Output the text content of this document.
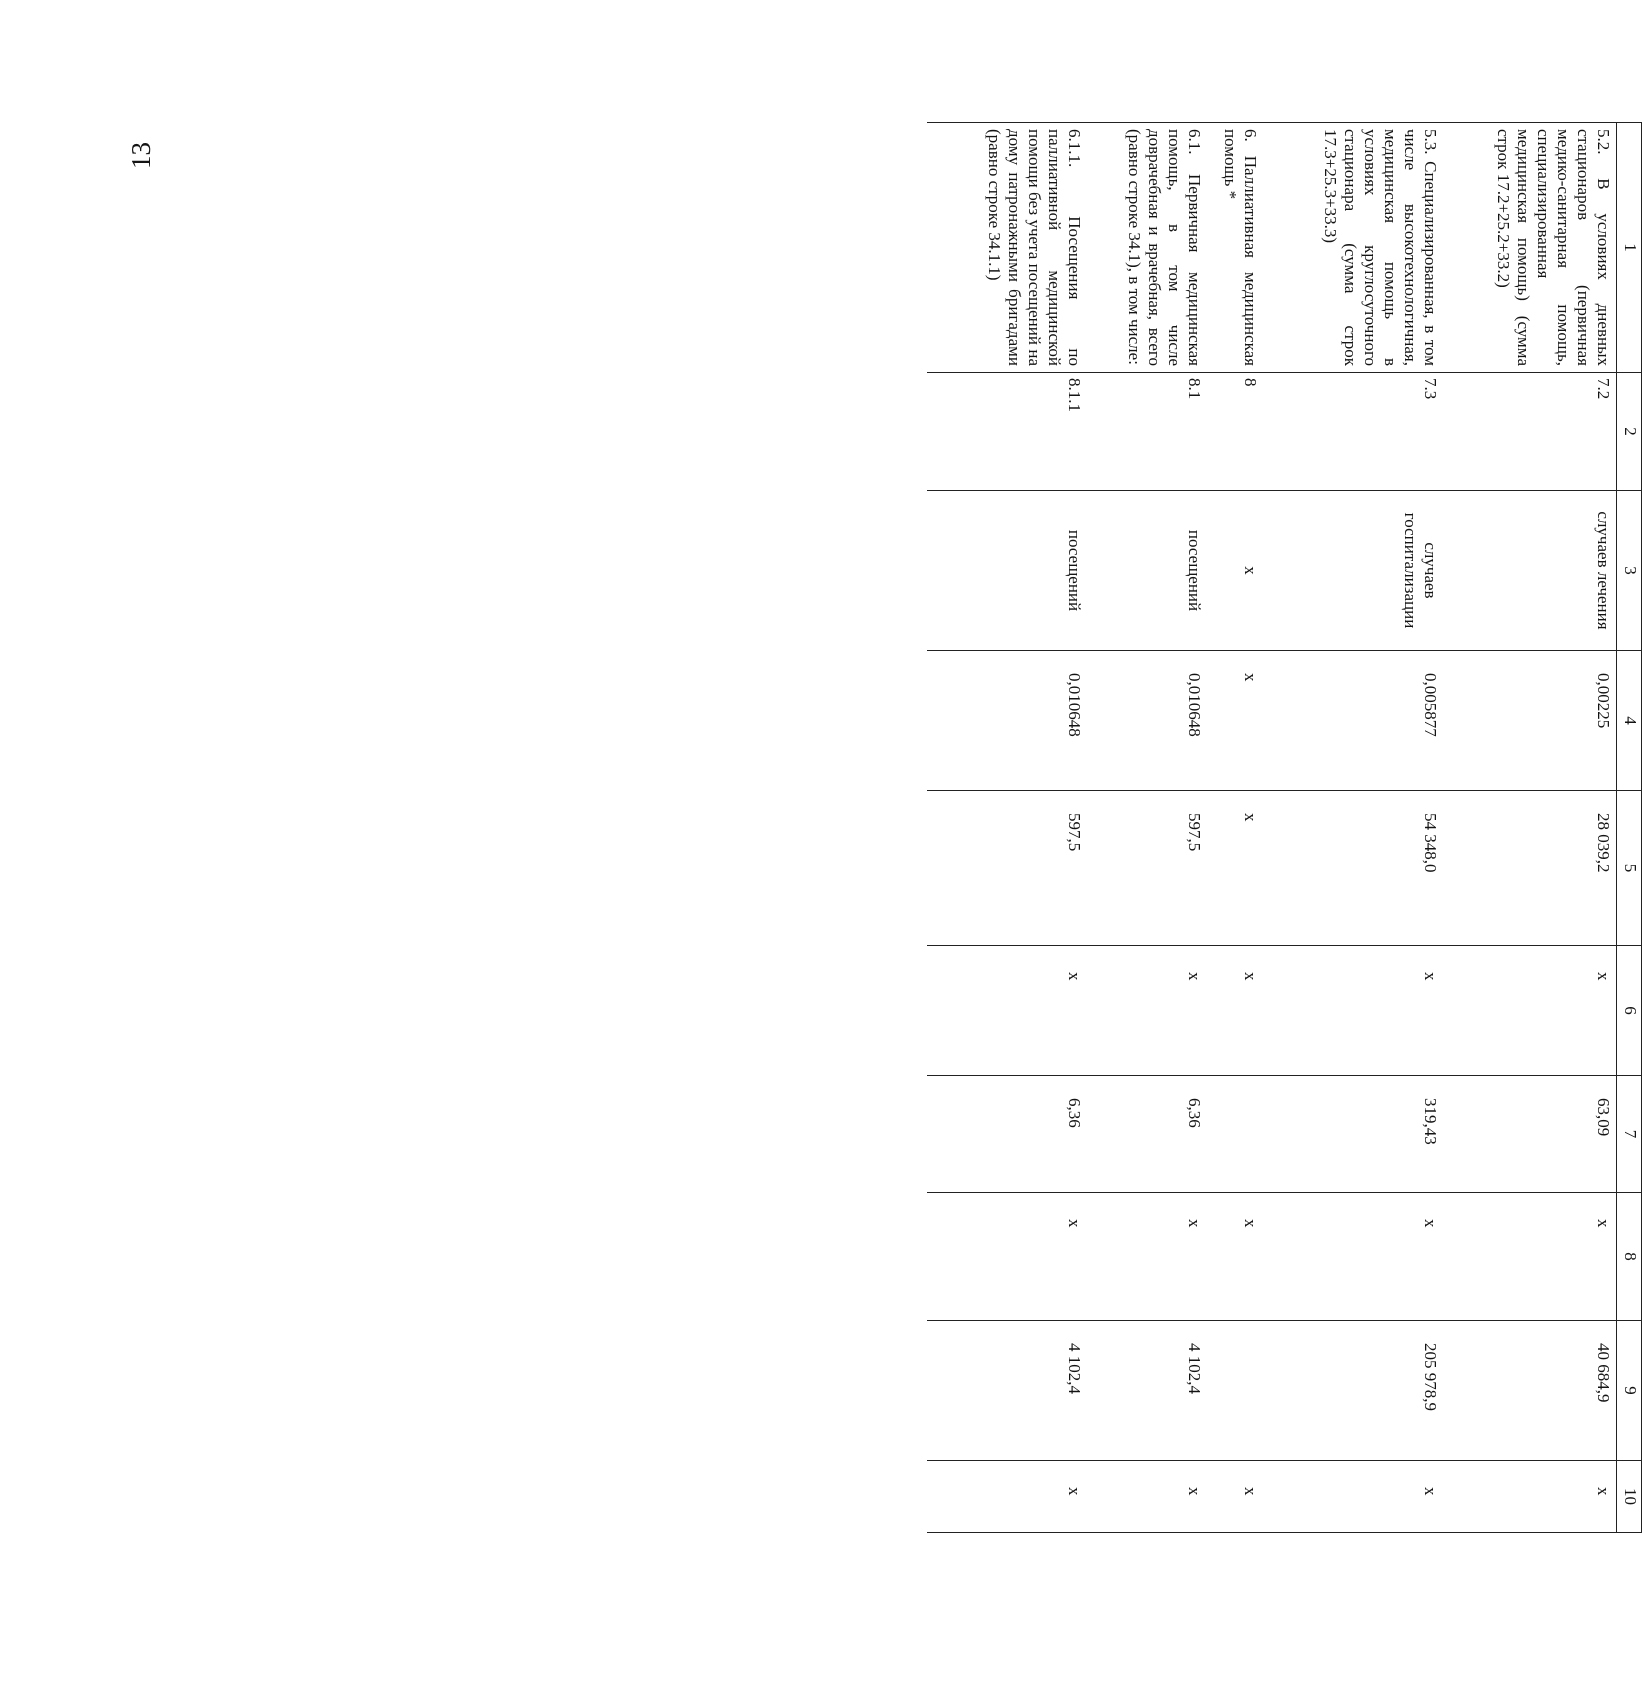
13
1	2	3	4	5	6	7	8	9	10
5.2. В условиях дневных стационаров (первичная медико-санитарная помощь, специализированная медицинская помощь) (сумма строк 17.2+25.2+33.2)	7.2	случаев лечения	0,00225	28 039,2	х	63,09	х	40 684,9	х
5.3. Специализированная, в том числе высокотехнологичная, медицинская помощь в условиях круглосуточного стационара (сумма строк 17.3+25.3+33.3)	7.3	случаев госпитализации	0,005877	54 348,0	х	319,43	х	205 978,9	х
6. Паллиативная медицинская помощь *	8	х	х	х	х		х		х
6.1. Первичная медицинская помощь, в том числе доврачебная и врачебная, всего (равно строке 34.1), в том числе:	8.1	посещений	0,010648	597,5	х	6,36	х	4 102,4	х
6.1.1. Посещения по паллиативной медицинской помощи без учета посещений на дому патронажными бригадами (равно строке 34.1.1)	8.1.1	посещений	0,010648	597,5	х	6,36	х	4 102,4	х
